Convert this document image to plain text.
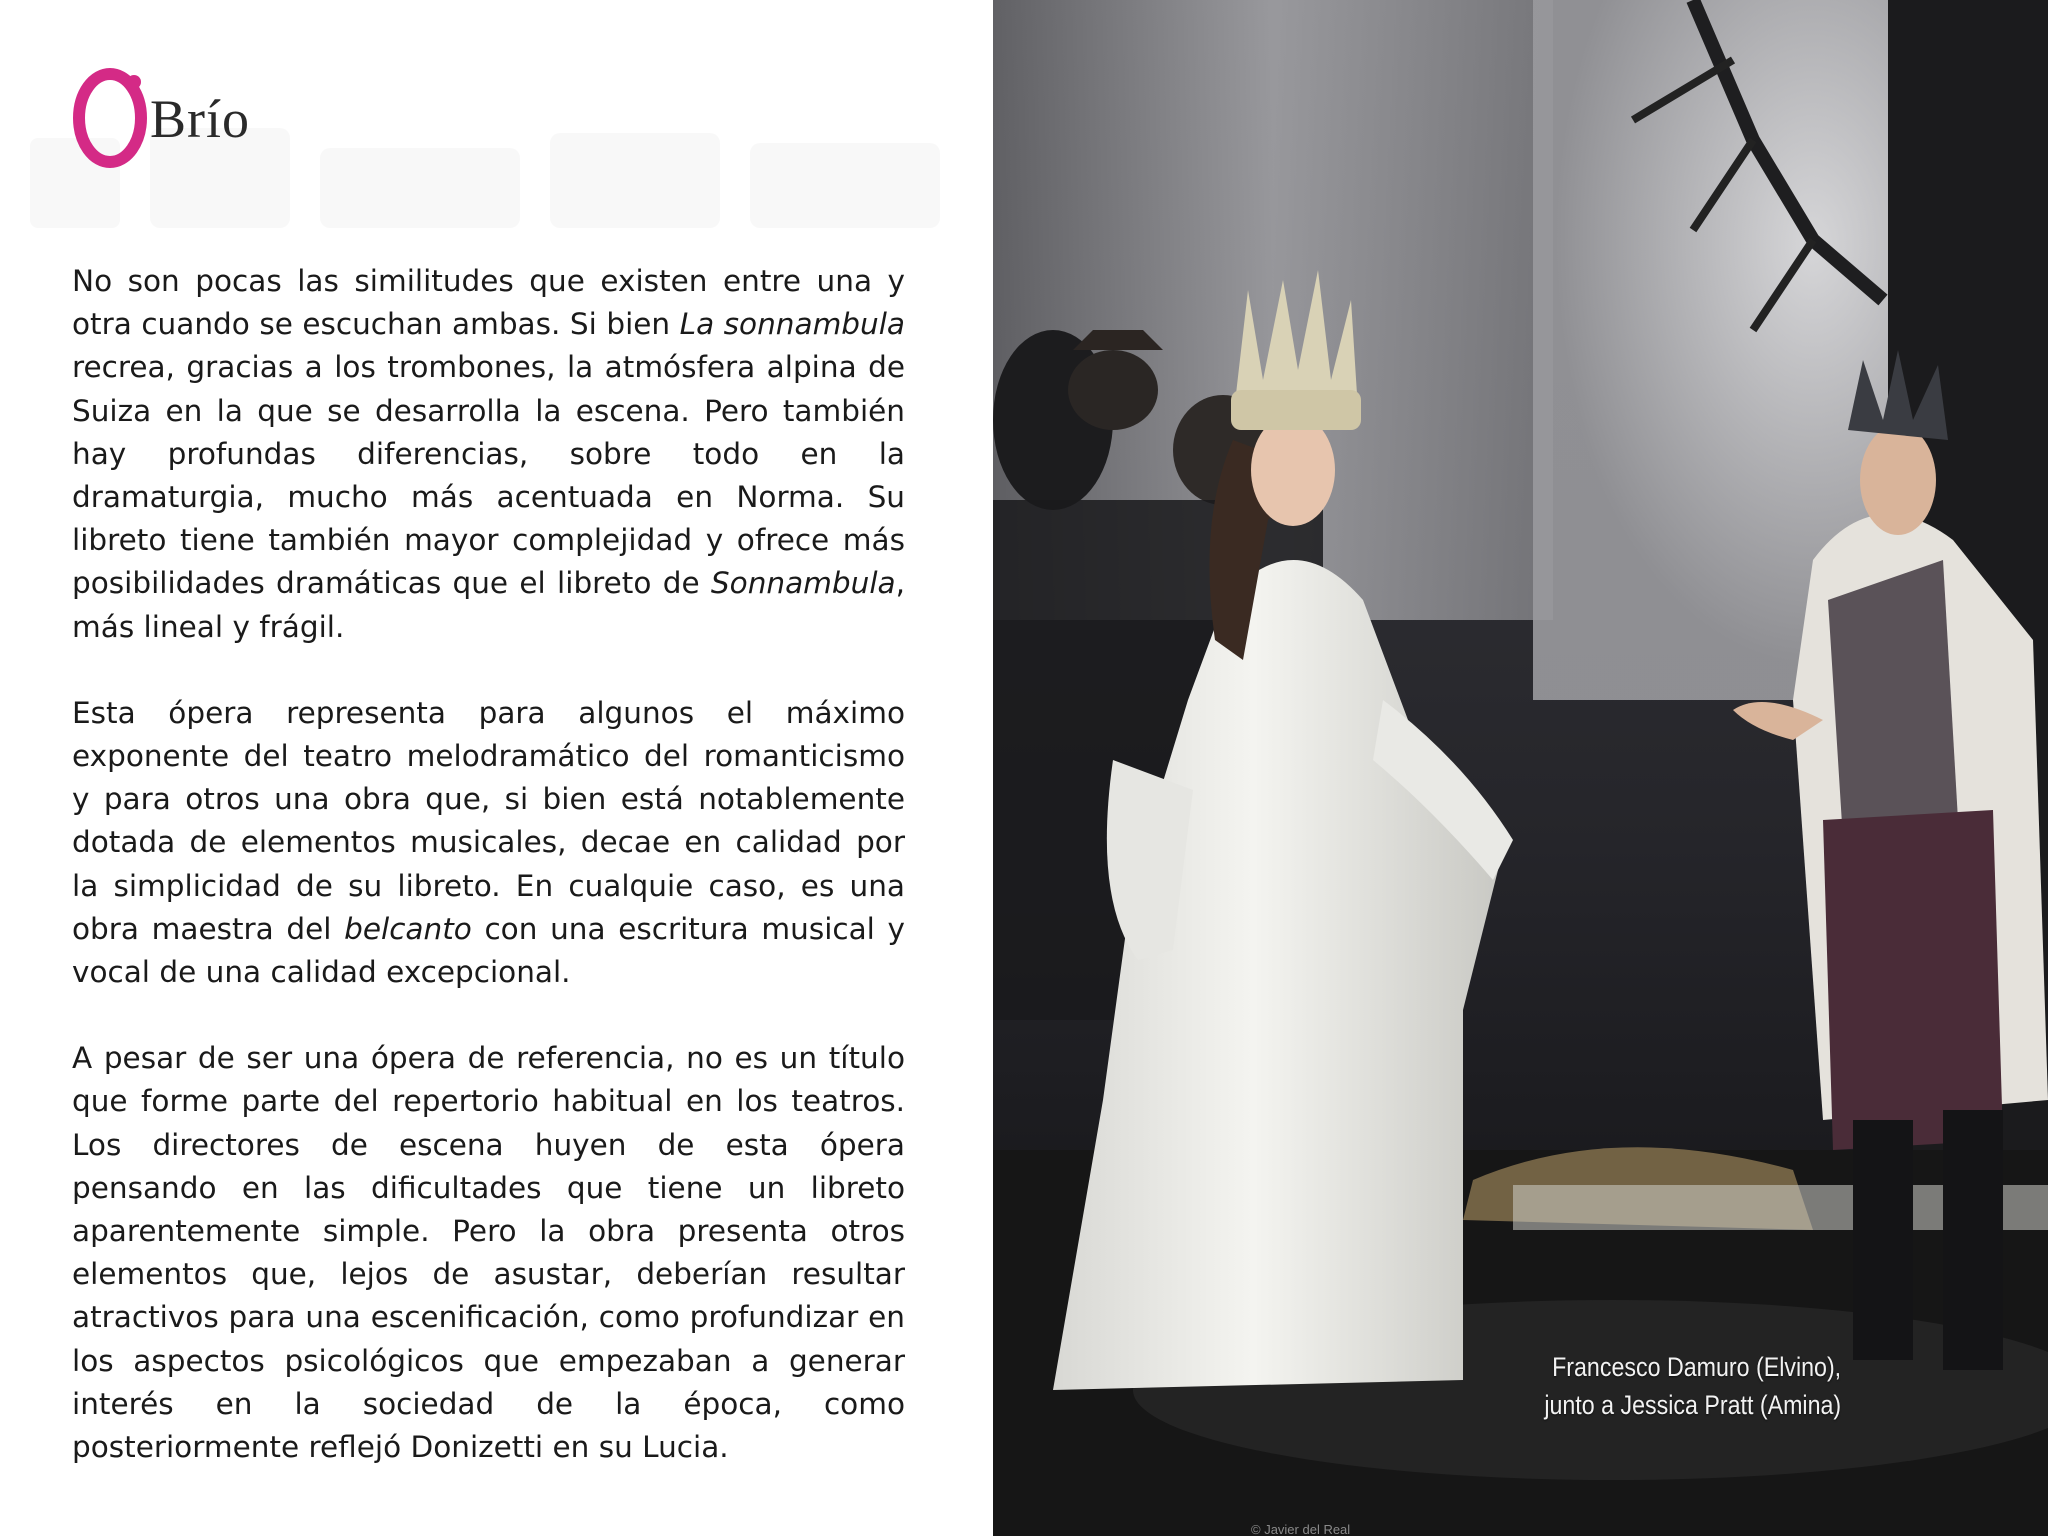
Brío

No son pocas las similitudes que existen entre una y otra cuando se escuchan ambas. Si bien La sonnambula recrea, gracias a los trombones, la atmósfera alpina de Suiza en la que se desarrolla la escena. Pero también hay profundas diferencias, sobre todo en la dramaturgia, mucho más acentuada en Norma. Su libreto tiene también mayor complejidad y ofrece más posibilidades dramáticas que el libreto de Sonnambula, más lineal y frágil.

Esta ópera representa para algunos el máximo exponente del teatro melodramático del romanticismo y para otros una obra que, si bien está notablemente dotada de elementos musicales, decae en calidad por la simplicidad de su libreto. En cualquie caso, es una obra maestra del belcanto con una escritura musical y vocal de una calidad excepcional.

A pesar de ser una ópera de referencia, no es un título que forme parte del repertorio habitual en los teatros. Los directores de escena huyen de esta ópera pensando en las dificultades que tiene un libreto aparentemente simple. Pero la obra presenta otros elementos que, lejos de asustar, deberían resultar atractivos para una escenificación, como profundizar en los aspectos psicológicos que empezaban a generar interés en la sociedad de la época, como posteriormente reflejó Donizetti en su Lucia.

Francesco Damuro (Elvino),
junto a Jessica Pratt (Amina)
© Javier del Real
